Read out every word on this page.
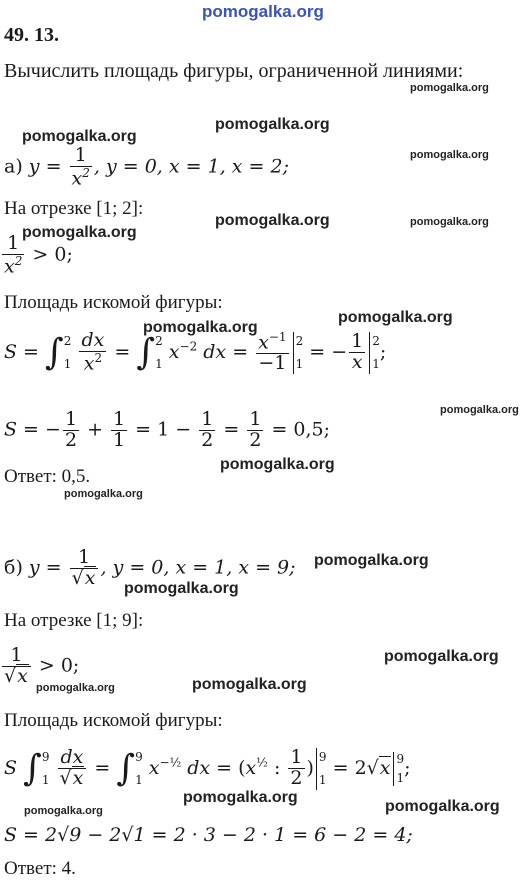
pomogalka.org
pomogalka.org
pomogalka.org
pomogalka.org
pomogalka.org
pomogalka.org	pomogalka.org
pomogalka.org
pomogalka.org
pomogalka.org
pomogalka.org
pomogalka.org
pomogalka.org
pomogalka.org
pomogalka.org
pomogalka.org
pomogalka.org	pomogalka.org
pomogalka.org
pomogalka.org
pomogalka.org
49. 13.
Вычислить площадь фигуры, ограниченной линиями:
а) $y = \frac{1}{x^2}$ , y = 0, x = 1, x = 2;
На отрезке [1; 2]:
$\frac{1}{x^2} > 0$;
Площадь искомой фигуры:
S = ∫ 2
1
$\frac{dx}{x^2}$ = ∫ 2
1
$x^{-2}$ dx = $\frac{x^{-1}}{-1} 2$
1
= − $\frac{1}{x} 2$
1
;
S = − $\frac{1}{2} + \frac{1}{1} = 1 - \frac{1}{2} = \frac{1}{2} = 0,5$;
Ответ: 0,5.
б) $y = \frac{1}{√x}$ , y = 0, x = 1, x = 9;
На отрезке [1; 9]:
$\frac{1}{√x} > 0$;
Площадь искомой фигуры:
S ∫ 9
1
$\frac{dx}{√x}$ = ∫ 9
1
$x^{-\frac{1}{2}}$ dx = ($x^{\frac{1}{2}}$ : $\frac{1}{2}$ ) 9
1
= 2√x 9
1 ;
S = 2√9 − 2√1 = 2 · 3 − 2 · 1 = 6 − 2 = 4;
Ответ: 4.
